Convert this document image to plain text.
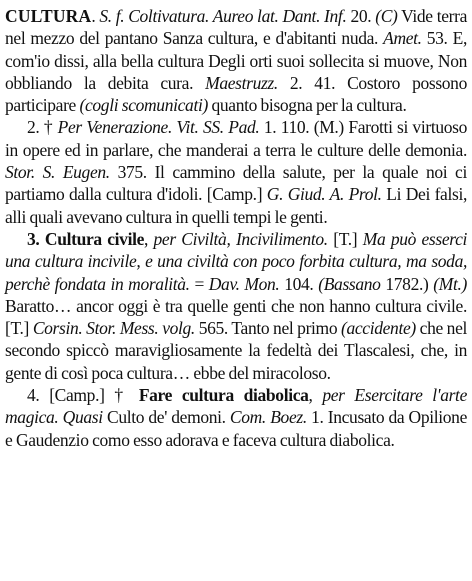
CULTURA. S. f. Coltivatura. Aureo lat. Dant. Inf. 20. (C) Vide terra nel mezzo del pantano Sanza cultura, e d'abitanti nuda. Amet. 53. E, com'io dissi, alla bella cultura Degli orti suoi sollecita si muove, Non obbliando la debita cura. Maestruzz. 2. 41. Costoro possono participare (cogli scomunicati) quanto bisogna per la cultura.

2. † Per Venerazione. Vit. SS. Pad. 1. 110. (M.) Farotti si virtuoso in opere ed in parlare, che manderai a terra le culture delle demonia. Stor. S. Eugen. 375. Il cammino della salute, per la quale noi ci partiamo dalla cultura d'idoli. [Camp.] G. Giud. A. Prol. Li Dei falsi, alli quali avevano cultura in quelli tempi le genti.

3. Cultura civile, per Civiltà, Incivilimento. [T.] Ma può esserci una cultura incivile, e una civiltà con poco forbita cultura, ma soda, perchè fondata in moralità. = Dav. Mon. 104. (Bassano 1782.) (Mt.) Baratto… ancor oggi è tra quelle genti che non hanno cultura civile. [T.] Corsin. Stor. Mess. volg. 565. Tanto nel primo (accidente) che nel secondo spiccò maravigliosamente la fedeltà dei Tlascalesi, che, in gente di così poca cultura… ebbe del miracoloso.

4. [Camp.] † Fare cultura diabolica, per Esercitare l'arte magica. Quasi Culto de' demoni. Com. Boez. 1. Incusato da Opilione e Gaudenzio como esso adorava e faceva cultura diabolica.
